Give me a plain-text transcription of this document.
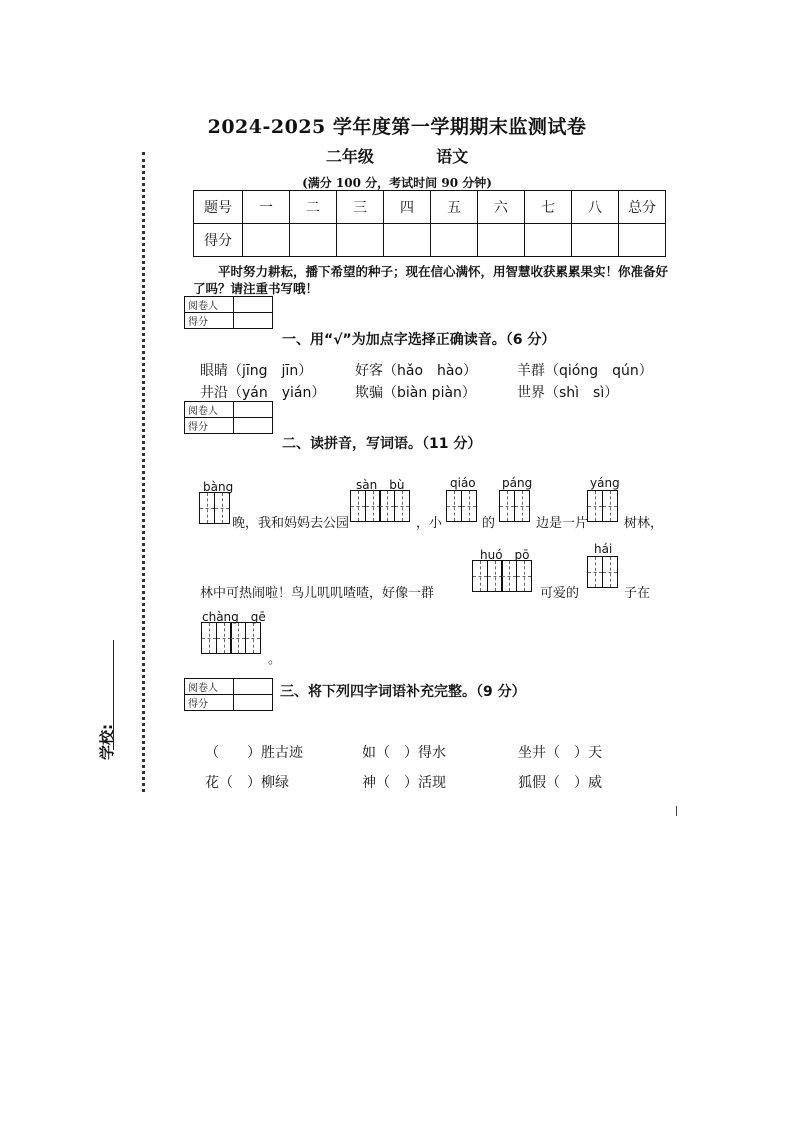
学校:
2024-2025 学年度第一学期期末监测试卷
二年级	语文
(满分 100 分，考试时间 90 分钟)
题号	一	二	三	四	五	六	七	八	总分
得分									
平时努力耕耘，播下希望的种子；现在信心满怀，用智慧收获累累果实！你准备好了吗？请注重书写哦！
阅卷人	
得分	
一、用“√”为加点字选择正确读音。（6 分）
眼睛（jīng　jīn）	好客（hǎo　hào）	羊群（qióng　qún）
井沿（yán　yián） 欺骗（biàn piàn）	世界（shì　sì）
阅卷人	
得分	
二、读拼音，写词语。（11 分）
bàng
晚，我和妈妈去公园
sàn　bù
，小
qiáo
的
páng
边是一片
yáng
树林，
林中可热闹啦！鸟儿叽叽喳喳，好像一群
huó　pō
可爱的
hái
子在
chàng　gē
。
阅卷人	
得分	
三、将下列四字词语补充完整。（9 分）
（　　）胜古迹	如（　）得水	坐井（　）天
花（　）柳绿	神（　）活现	狐假（　）威
